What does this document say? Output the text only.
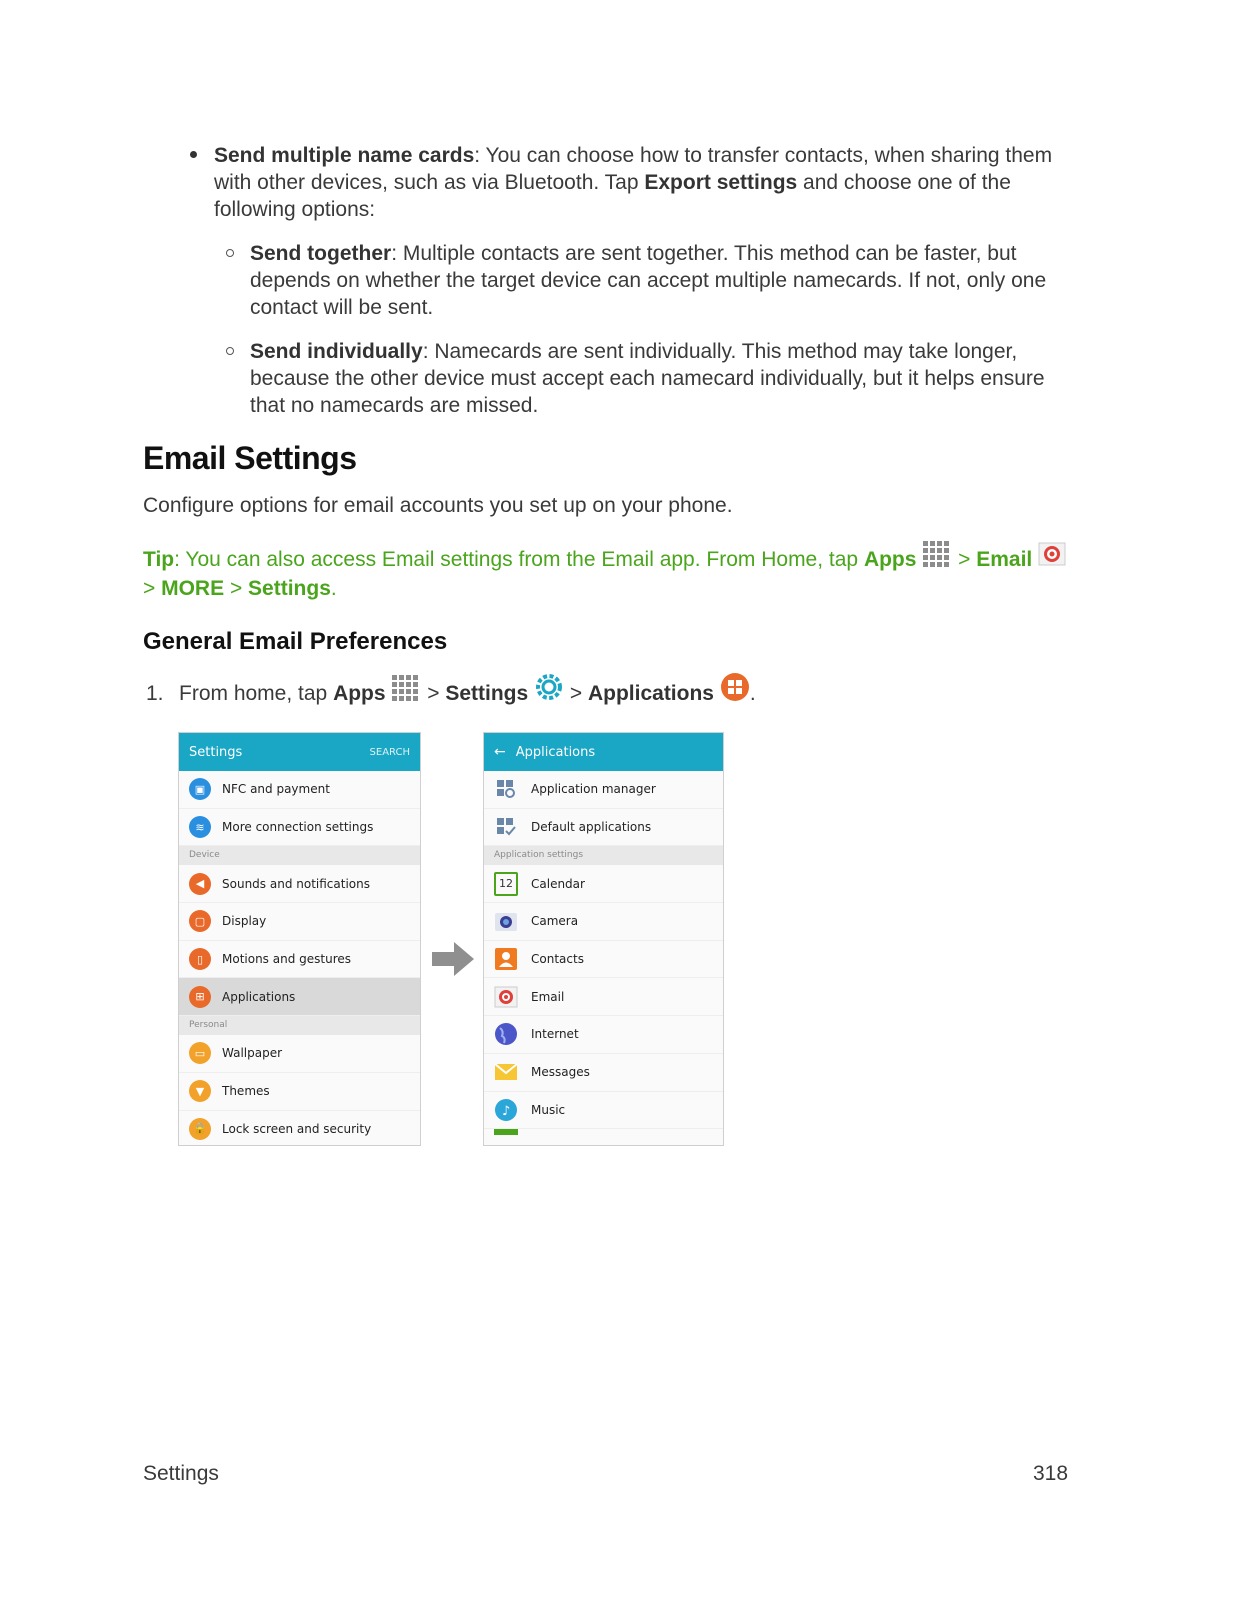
Send multiple name cards: You can choose how to transfer contacts, when sharing them with other devices, such as via Bluetooth. Tap Export settings and choose one of the following options:
Send together: Multiple contacts are sent together. This method can be faster, but depends on whether the target device can accept multiple namecards. If not, only one contact will be sent.
Send individually: Namecards are sent individually. This method may take longer, because the other device must accept each namecard individually, but it helps ensure that no namecards are missed.
Email Settings
Configure options for email accounts you set up on your phone.
Tip: You can also access Email settings from the Email app. From Home, tap Apps  > Email
> MORE > Settings.
General Email Preferences
1. From home, tap Apps  > Settings  > Applications .
Settings	SEARCH
▣	NFC and payment
≋	More connection settings
Device
◀	Sounds and notifications
▢	Display
▯	Motions and gestures
⊞	Applications
Personal
▭	Wallpaper
▼	Themes
🔒	Lock screen and security
← Applications
Application manager
Default applications
Application settings
12	Calendar
Camera
Contacts
Email
Internet
Messages
♪ Music
Settings	318
